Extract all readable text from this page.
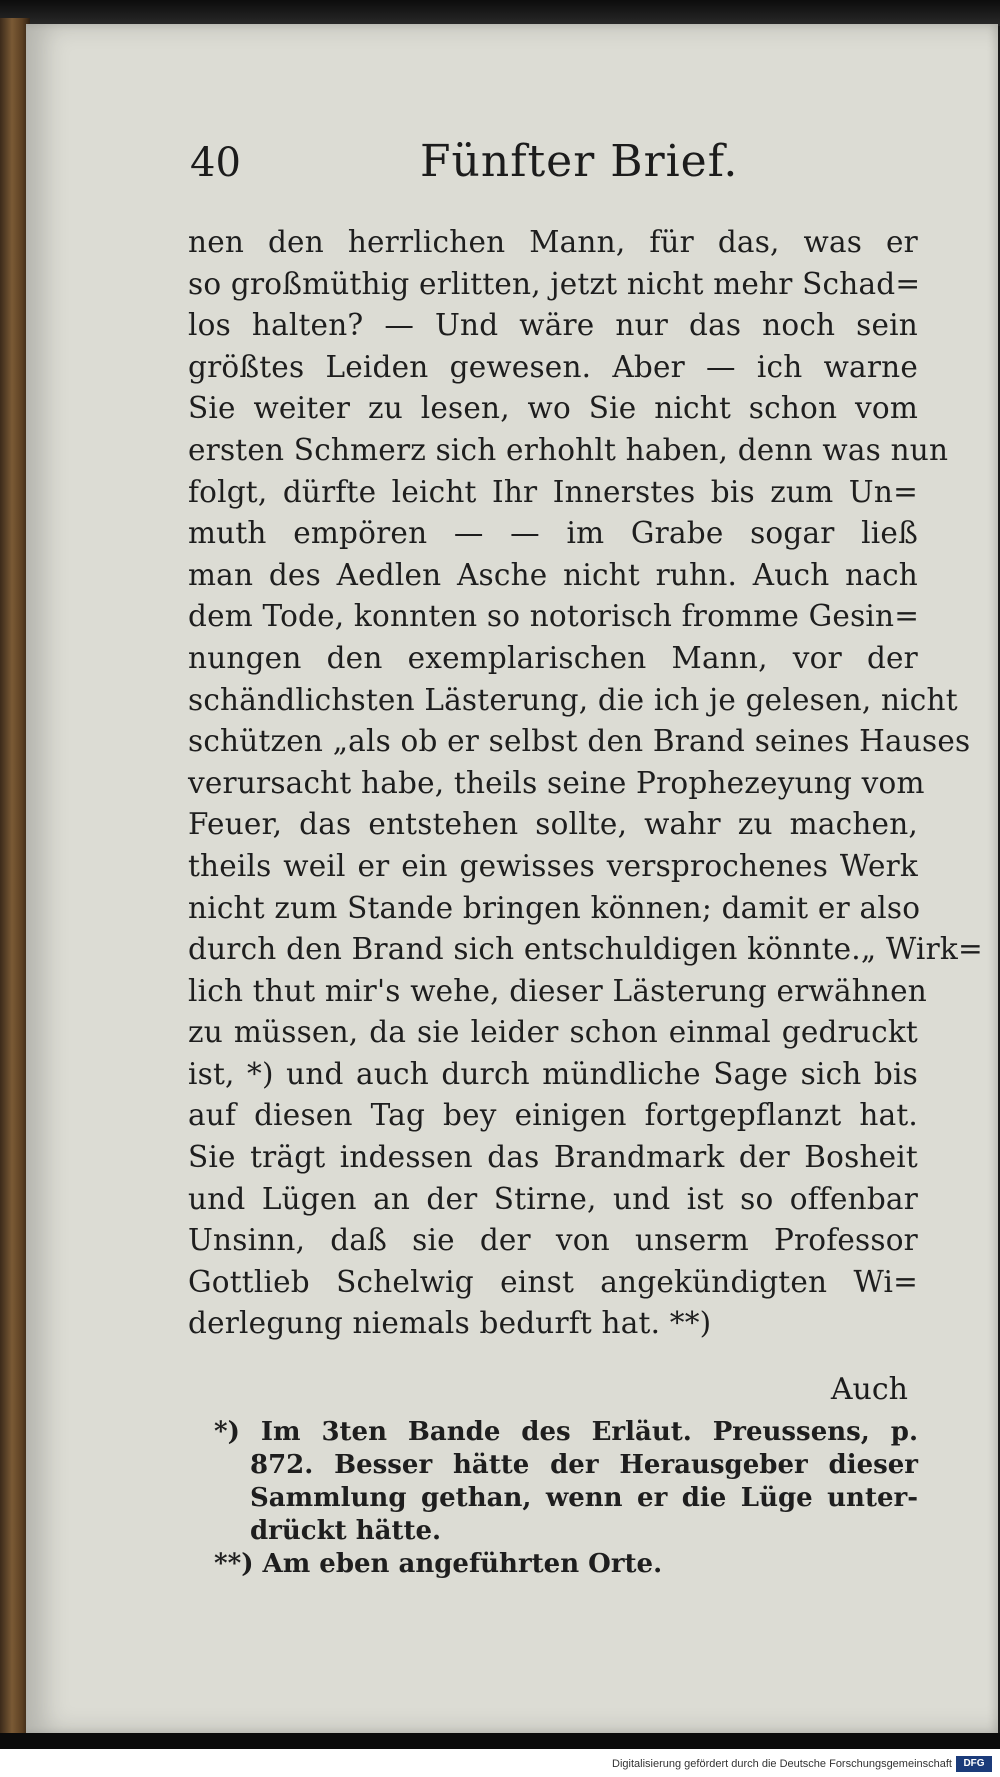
40	Fünfter Brief.
nen den herrlichen Mann, für das, was er
so großmüthig erlitten, jetzt nicht mehr Schad=
los halten? — Und wäre nur das noch sein
größtes Leiden gewesen. Aber — ich warne
Sie weiter zu lesen, wo Sie nicht schon vom
ersten Schmerz sich erhohlt haben, denn was nun
folgt, dürfte leicht Ihr Innerstes bis zum Un=
muth empören — — im Grabe sogar ließ
man des Aedlen Asche nicht ruhn. Auch nach
dem Tode, konnten so notorisch fromme Gesin=
nungen den exemplarischen Mann, vor der
schändlichsten Lästerung, die ich je gelesen, nicht
schützen „als ob er selbst den Brand seines Hauses
verursacht habe, theils seine Prophezeyung vom
Feuer, das entstehen sollte, wahr zu machen,
theils weil er ein gewisses versprochenes Werk
nicht zum Stande bringen können; damit er also
durch den Brand sich entschuldigen könnte.„ Wirk=
lich thut mir's wehe, dieser Lästerung erwähnen
zu müssen, da sie leider schon einmal gedruckt
ist, *) und auch durch mündliche Sage sich bis
auf diesen Tag bey einigen fortgepflanzt hat.
Sie trägt indessen das Brandmark der Bosheit
und Lügen an der Stirne, und ist so offenbar
Unsinn, daß sie der von unserm Professor
Gottlieb Schelwig einst angekündigten Wi=
derlegung niemals bedurft hat. **)
Auch
*) Im 3ten Bande des Erläut. Preussens, p.
872. Besser hätte der Herausgeber dieser
Sammlung gethan, wenn er die Lüge unter-
drückt hätte.
**) Am eben angeführten Orte.
Digitalisierung gefördert durch die Deutsche Forschungsgemeinschaft	DFG
